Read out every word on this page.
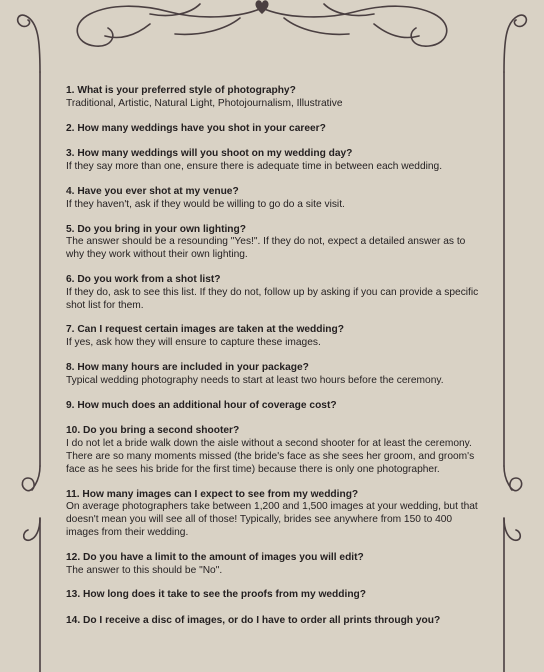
1. What is your preferred style of photography?
Traditional, Artistic, Natural Light, Photojournalism, Illustrative
2. How many weddings have you shot in your career?
3. How many weddings will you shoot on my wedding day?
If they say more than one, ensure there is adequate time in between each wedding.
4. Have you ever shot at my venue?
If they haven't, ask if they would be willing to go do a site visit.
5. Do you bring in your own lighting?
The answer should be a resounding "Yes!". If they do not, expect a detailed answer as to why they work without their own lighting.
6. Do you work from a shot list?
If they do, ask to see this list. If they do not, follow up by asking if you can provide a specific shot list for them.
7. Can I request certain images are taken at the wedding?
If yes, ask how they will ensure to capture these images.
8. How many hours are included in your package?
Typical wedding photography needs to start at least two hours before the ceremony.
9. How much does an additional hour of coverage cost?
10. Do you bring a second shooter?
I do not let a bride walk down the aisle without a second shooter for at least the ceremony. There are so many moments missed (the bride's face as she sees her groom, and groom's face as he sees his bride for the first time) because there is only one photographer.
11. How many images can I expect to see from my wedding?
On average photographers take between 1,200 and 1,500 images at your wedding, but that doesn't mean you will see all of those! Typically, brides see anywhere from 150 to 400 images from their wedding.
12. Do you have a limit to the amount of images you will edit?
The answer to this should be "No".
13. How long does it take to see the proofs from my wedding?
14. Do I receive a disc of images, or do I have to order all prints through you?
